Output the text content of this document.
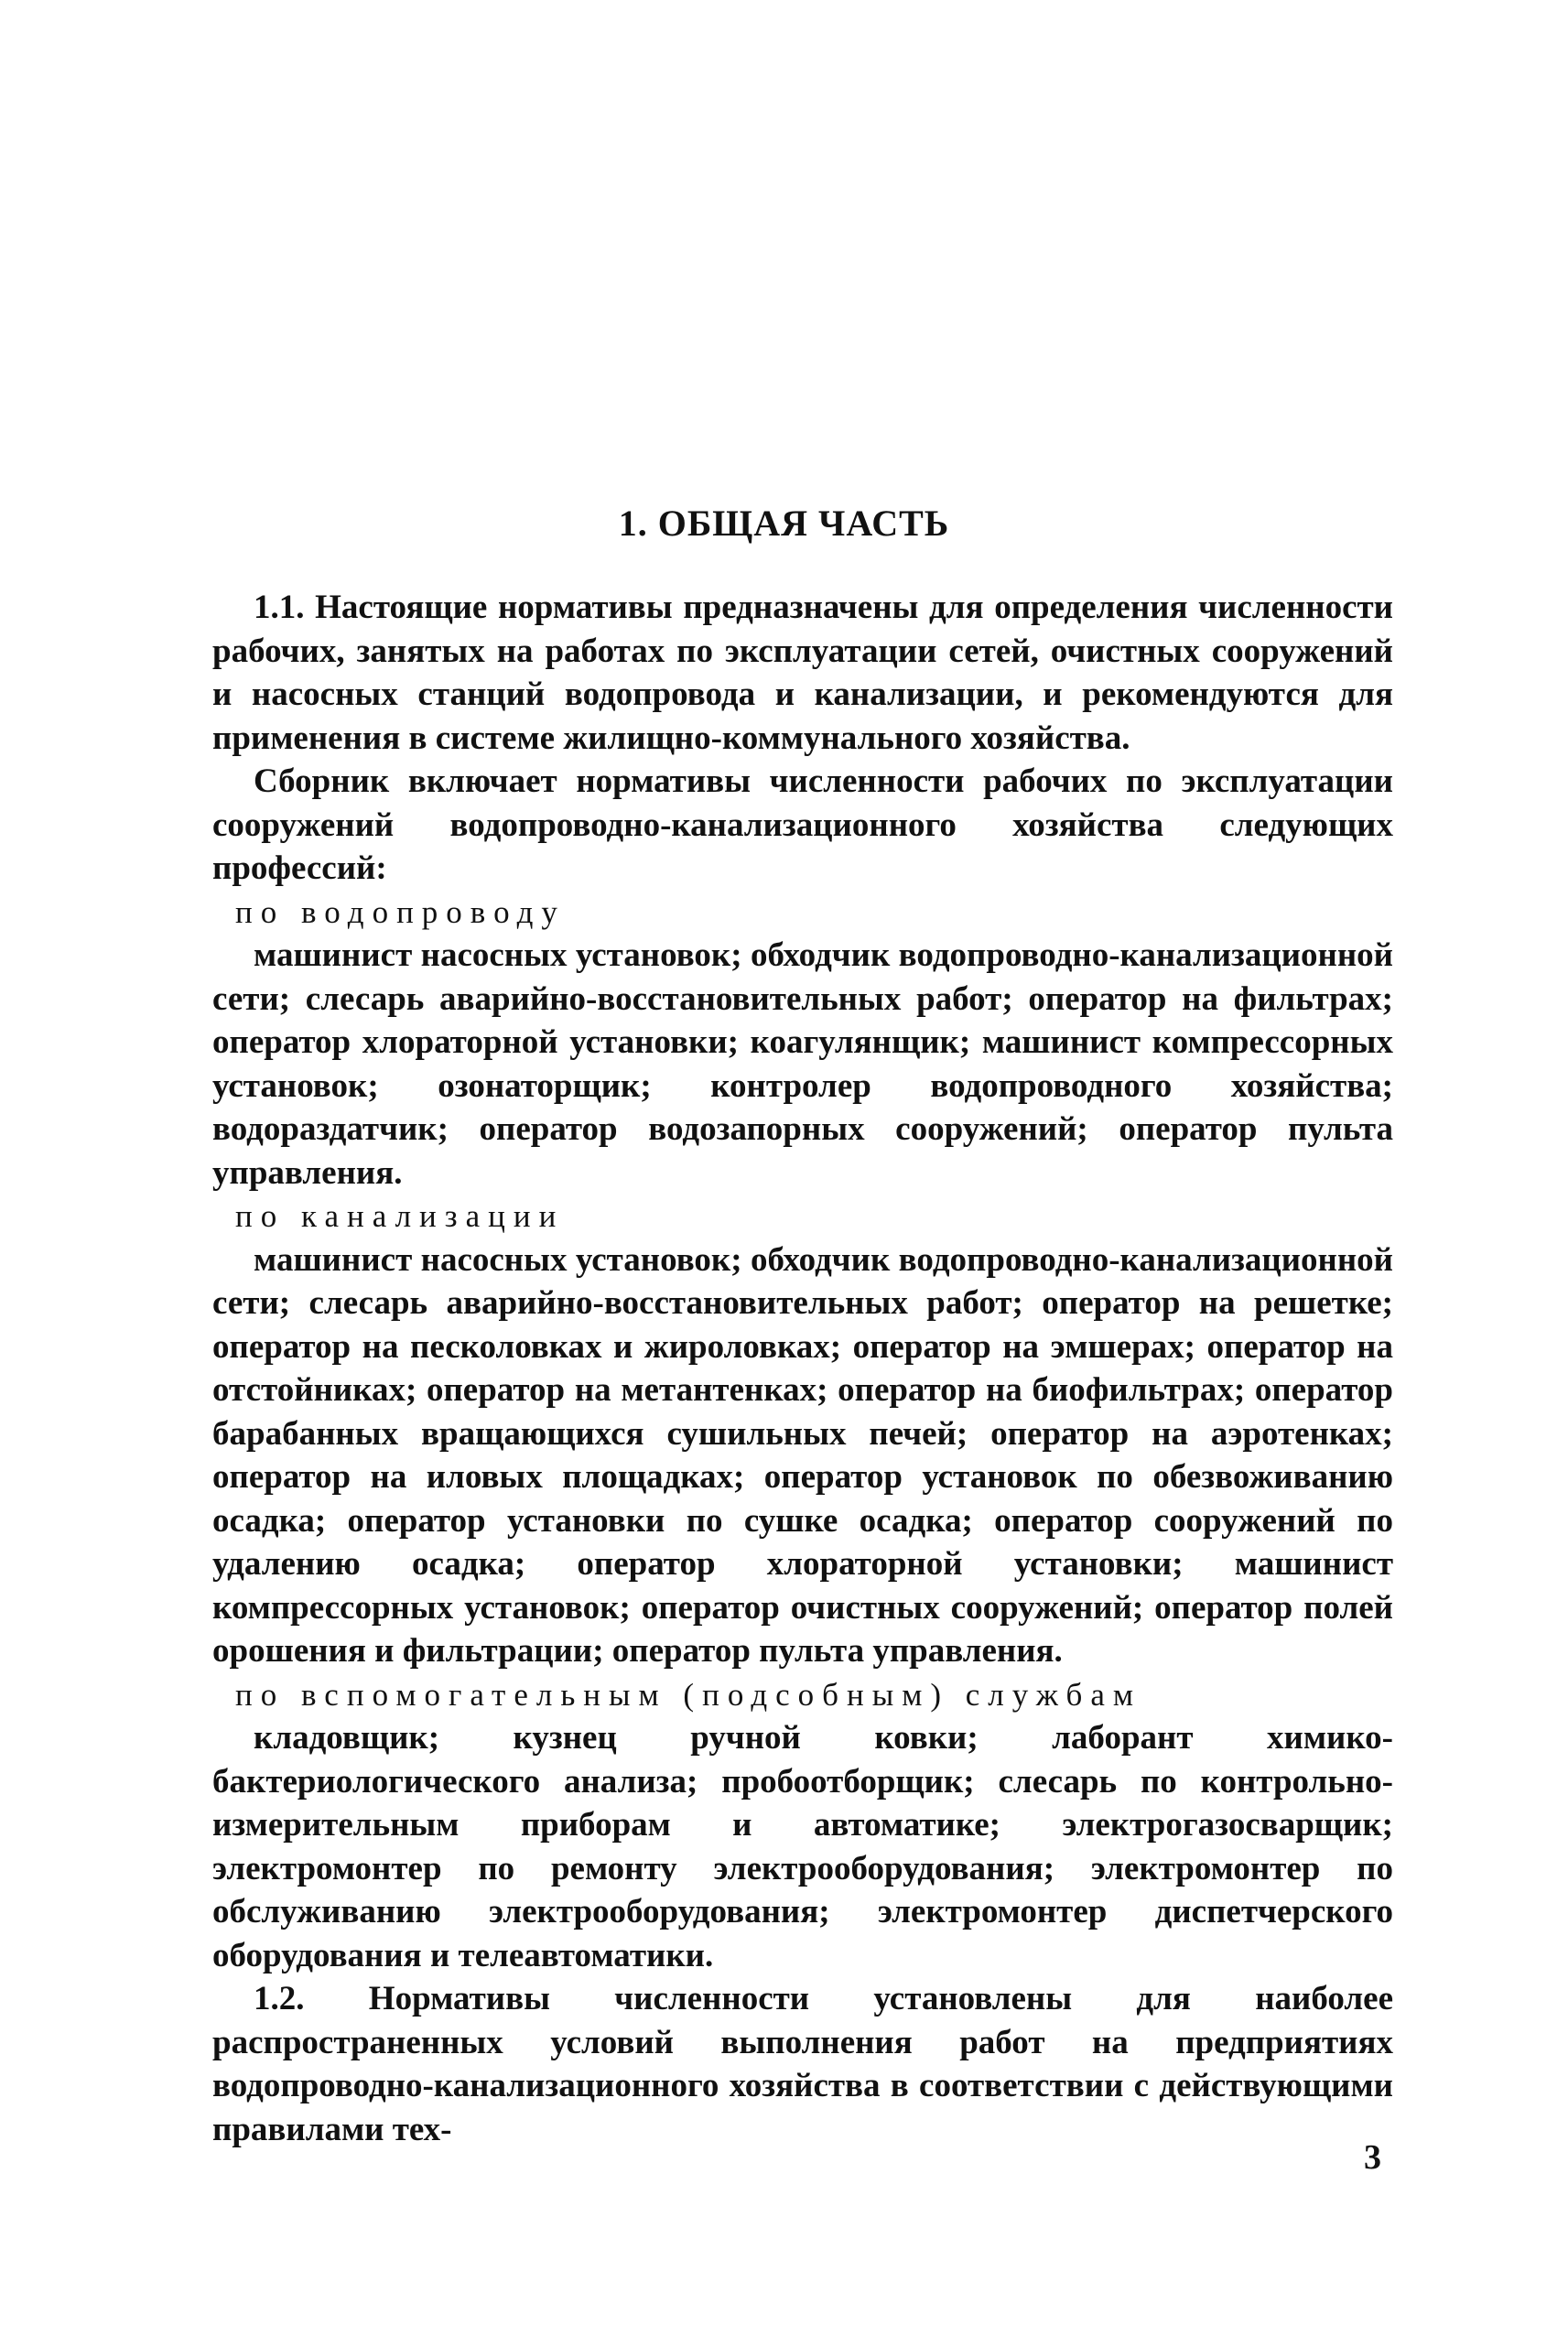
1. ОБЩАЯ ЧАСТЬ

1.1. Настоящие нормативы предназначены для определения численности рабочих, занятых на работах по эксплуатации сетей, очистных сооружений и насосных станций водопровода и канализации, и рекомендуются для применения в системе жилищно-коммунального хозяйства.

Сборник включает нормативы численности рабочих по эксплуатации сооружений водопроводно-канализационного хозяйства следующих профессий:

по водопроводу

машинист насосных установок; обходчик водопроводно-канализационной сети; слесарь аварийно-восстановительных работ; оператор на фильтрах; оператор хлораторной установки; коагулянщик; машинист компрессорных установок; озонаторщик; контролер водопроводного хозяйства; водораздатчик; оператор водозапорных сооружений; оператор пульта управления.

по канализации

машинист насосных установок; обходчик водопроводно-канализационной сети; слесарь аварийно-восстановительных работ; оператор на решетке; оператор на песколовках и жироловках; оператор на эмшерах; оператор на отстойниках; оператор на метантенках; оператор на биофильтрах; оператор барабанных вращающихся сушильных печей; оператор на аэротенках; оператор на иловых площадках; оператор установок по обезвоживанию осадка; оператор установки по сушке осадка; оператор сооружений по удалению осадка; оператор хлораторной установки; машинист компрессорных установок; оператор очистных сооружений; оператор полей орошения и фильтрации; оператор пульта управления.

по вспомогательным (подсобным) службам

кладовщик; кузнец ручной ковки; лаборант химико-бактериологического анализа; пробоотборщик; слесарь по контрольно-измерительным приборам и автоматике; электрогазосварщик; электромонтер по ремонту электрооборудования; электромонтер по обслуживанию электрооборудования; электромонтер диспетчерского оборудования и телеавтоматики.

1.2. Нормативы численности установлены для наиболее распространенных условий выполнения работ на предприятиях водопроводно-канализационного хозяйства в соответствии с действующими правилами тех-

3
